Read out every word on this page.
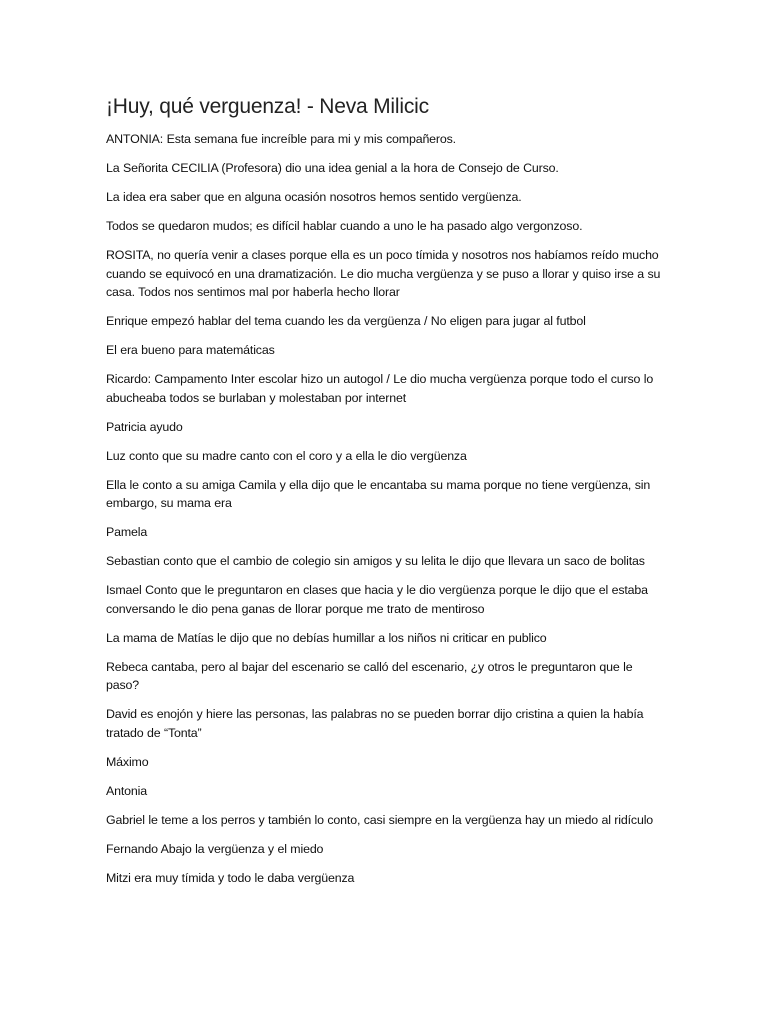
¡Huy, qué verguenza! - Neva Milicic

ANTONIA: Esta semana fue increíble para mi y mis compañeros.

La Señorita CECILIA (Profesora) dio una idea genial a la hora de Consejo de Curso.

La idea era saber que en alguna ocasión nosotros hemos sentido vergüenza.

Todos se quedaron mudos; es difícil hablar cuando a uno le ha pasado algo vergonzoso.

ROSITA, no quería venir a clases porque ella es un poco tímida y nosotros nos habíamos reído mucho cuando se equivocó en una dramatización. Le dio mucha vergüenza y se puso a llorar y quiso irse a su casa. Todos nos sentimos mal por haberla hecho llorar

Enrique empezó hablar del tema cuando les da vergüenza / No eligen para jugar al futbol

El era bueno para matemáticas

Ricardo: Campamento Inter escolar hizo un autogol / Le dio mucha vergüenza porque todo el curso lo abucheaba todos se burlaban y molestaban por internet

Patricia ayudo

Luz conto que su madre canto con el coro y a ella le dio vergüenza

Ella le conto a su amiga Camila y ella dijo que le encantaba su mama porque no tiene vergüenza, sin embargo, su mama era

Pamela

Sebastian conto que el cambio de colegio sin amigos y su lelita le dijo que llevara un saco de bolitas

Ismael Conto que le preguntaron en clases que hacia y le dio vergüenza porque le dijo que el estaba conversando le dio pena ganas de llorar porque me trato de mentiroso

La mama de Matías le dijo que no debías humillar a los niños ni criticar en publico

Rebeca cantaba, pero al bajar del escenario se calló del escenario, ¿y otros le preguntaron que le paso?

David es enojón y hiere las personas, las palabras no se pueden borrar dijo cristina a quien la había tratado de “Tonta”

Máximo

Antonia

Gabriel le teme a los perros y también lo conto, casi siempre en la vergüenza hay un miedo al ridículo

Fernando Abajo la vergüenza y el miedo

Mitzi era muy tímida y todo le daba vergüenza
